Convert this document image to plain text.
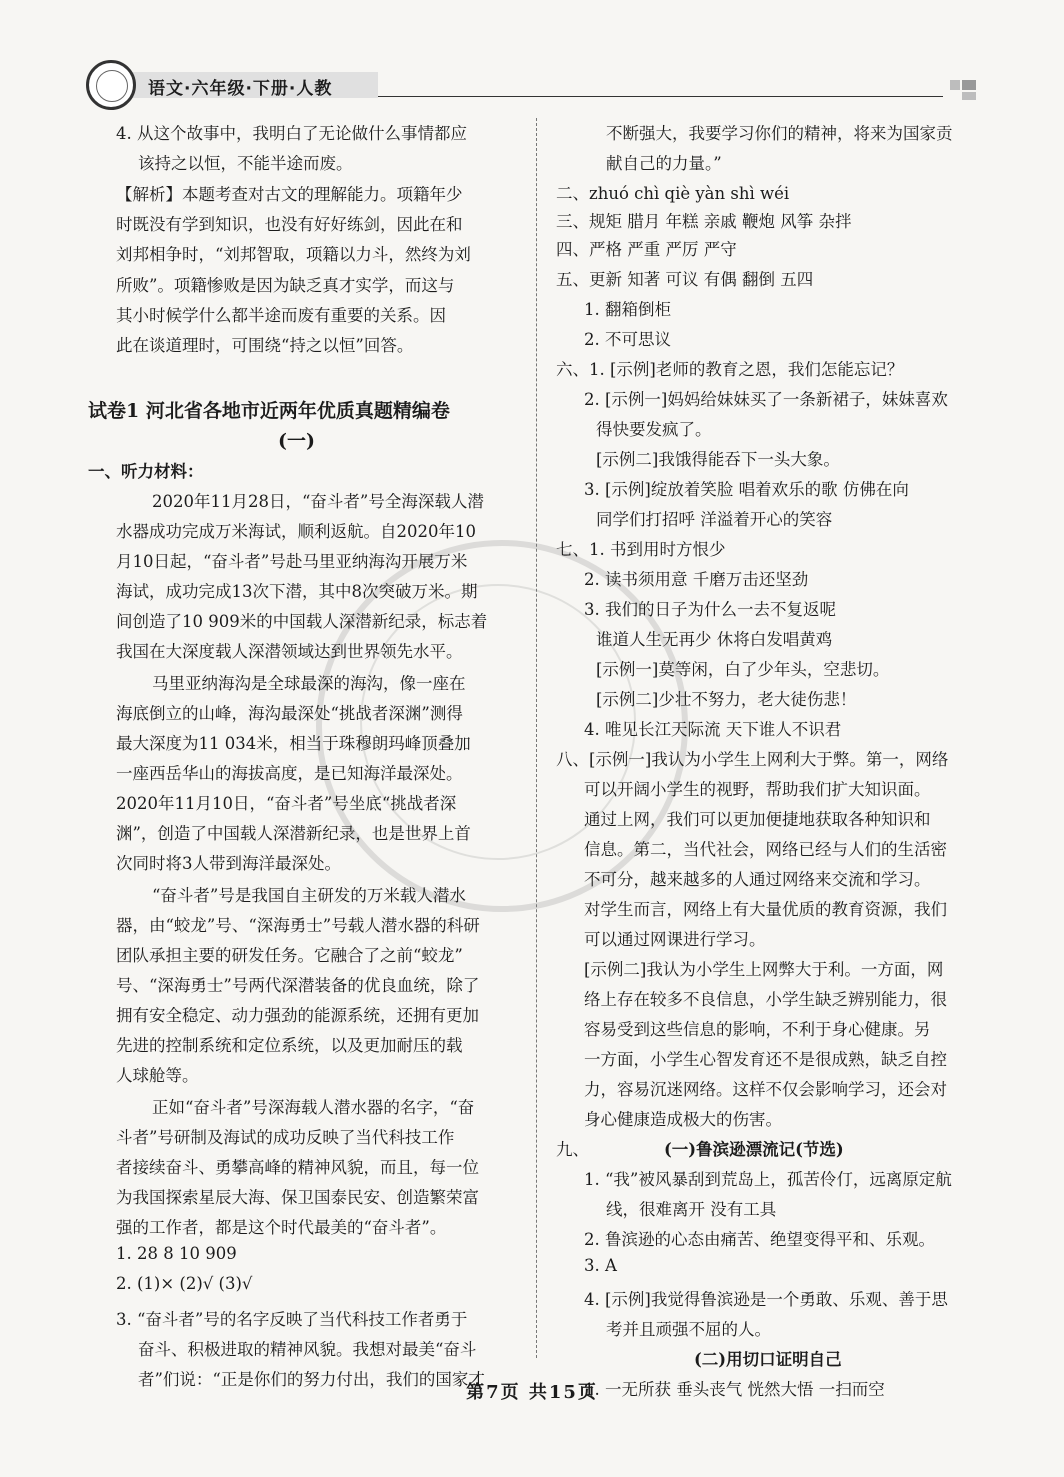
语文·六年级·下册·人教
4. 从这个故事中，我明白了无论做什么事情都应
该持之以恒，不能半途而废。
【解析】本题考查对古文的理解能力。项籍年少
时既没有学到知识，也没有好好练剑，因此在和
刘邦相争时，“刘邦智取，项籍以力斗，然终为刘
所败”。项籍惨败是因为缺乏真才实学，而这与
其小时候学什么都半途而废有重要的关系。因
此在谈道理时，可围绕“持之以恒”回答。
一、听力材料：
2020年11月28日，“奋斗者”号全海深载人潜
水器成功完成万米海试，顺利返航。自2020年10
月10日起，“奋斗者”号赴马里亚纳海沟开展万米
海试，成功完成13次下潜，其中8次突破万米。期
间创造了10 909米的中国载人深潜新纪录，标志着
我国在大深度载人深潜领域达到世界领先水平。
马里亚纳海沟是全球最深的海沟，像一座在
海底倒立的山峰，海沟最深处“挑战者深渊”测得
最大深度为11 034米，相当于珠穆朗玛峰顶叠加
一座西岳华山的海拔高度，是已知海洋最深处。
2020年11月10日，“奋斗者”号坐底“挑战者深
渊”，创造了中国载人深潜新纪录，也是世界上首
次同时将3人带到海洋最深处。
“奋斗者”号是我国自主研发的万米载人潜水
器，由“蛟龙”号、“深海勇士”号载人潜水器的科研
团队承担主要的研发任务。它融合了之前“蛟龙”
号、“深海勇士”号两代深潜装备的优良血统，除了
拥有安全稳定、动力强劲的能源系统，还拥有更加
先进的控制系统和定位系统，以及更加耐压的载
人球舱等。
正如“奋斗者”号深海载人潜水器的名字，“奋
斗者”号研制及海试的成功反映了当代科技工作
者接续奋斗、勇攀高峰的精神风貌，而且，每一位
为我国探索星辰大海、保卫国泰民安、创造繁荣富
强的工作者，都是这个时代最美的“奋斗者”。
1. 28 8 10 909
2. (1)× (2)√ (3)√
3. “奋斗者”号的名字反映了当代科技工作者勇于
奋斗、积极进取的精神风貌。我想对最美“奋斗
者”们说：“正是你们的努力付出，我们的国家才
试卷1 河北省各地市近两年优质真题精编卷
(一)
不断强大，我要学习你们的精神，将来为国家贡
献自己的力量。”
二、zhuó chì qiè yàn shì wéi
三、规矩 腊月 年糕 亲戚 鞭炮 风筝 杂拌
四、严格 严重 严厉 严守
五、更新 知著 可议 有偶 翻倒 五四
1. 翻箱倒柜
2. 不可思议
六、1. [示例]老师的教育之恩，我们怎能忘记？
2. [示例一]妈妈给妹妹买了一条新裙子，妹妹喜欢
得快要发疯了。
[示例二]我饿得能吞下一头大象。
3. [示例]绽放着笑脸 唱着欢乐的歌 仿佛在向
同学们打招呼 洋溢着开心的笑容
七、1. 书到用时方恨少
2. 读书须用意 千磨万击还坚劲
3. 我们的日子为什么一去不复返呢
谁道人生无再少 休将白发唱黄鸡
[示例一]莫等闲，白了少年头，空悲切。
[示例二]少壮不努力，老大徒伤悲！
4. 唯见长江天际流 天下谁人不识君
八、[示例一]我认为小学生上网利大于弊。第一，网络
可以开阔小学生的视野，帮助我们扩大知识面。
通过上网，我们可以更加便捷地获取各种知识和
信息。第二，当代社会，网络已经与人们的生活密
不可分，越来越多的人通过网络来交流和学习。
对学生而言，网络上有大量优质的教育资源，我们
可以通过网课进行学习。
[示例二]我认为小学生上网弊大于利。一方面，网
络上存在较多不良信息，小学生缺乏辨别能力，很
容易受到这些信息的影响，不利于身心健康。另
一方面，小学生心智发育还不是很成熟，缺乏自控
力，容易沉迷网络。这样不仅会影响学习，还会对
身心健康造成极大的伤害。
九、
1. “我”被风暴刮到荒岛上，孤苦伶仃，远离原定航
线，很难离开 没有工具
2. 鲁滨逊的心态由痛苦、绝望变得平和、乐观。
3. A
4. [示例]我觉得鲁滨逊是一个勇敢、乐观、善于思
考并且顽强不屈的人。
1. 一无所获 垂头丧气 恍然大悟 一扫而空
(一)鲁滨逊漂流记(节选)
(二)用切口证明自己
第7页 共15页
